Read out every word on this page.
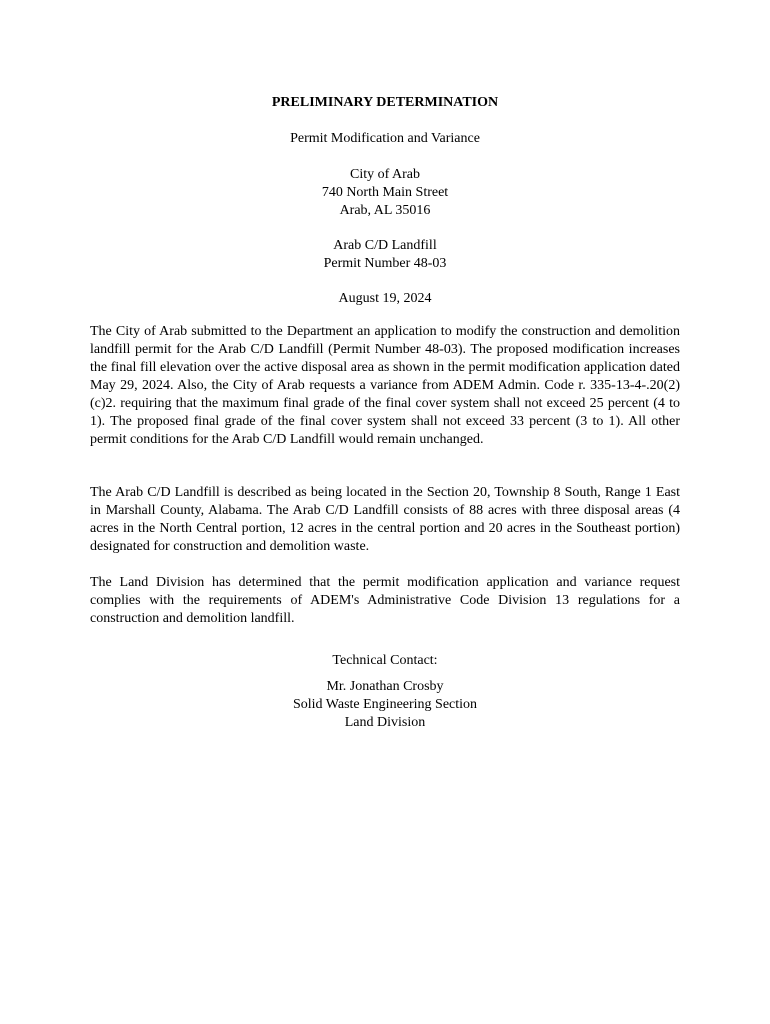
PRELIMINARY DETERMINATION
Permit Modification and Variance
City of Arab
740 North Main Street
Arab, AL 35016
Arab C/D Landfill
Permit Number 48-03
August 19, 2024

The City of Arab submitted to the Department an application to modify the construction and demolition landfill permit for the Arab C/D Landfill (Permit Number 48-03). The proposed modification increases the final fill elevation over the active disposal area as shown in the permit modification application dated May 29, 2024. Also, the City of Arab requests a variance from ADEM Admin. Code r. 335-13-4-.20(2)(c)2. requiring that the maximum final grade of the final cover system shall not exceed 25 percent (4 to 1). The proposed final grade of the final cover system shall not exceed 33 percent (3 to 1). All other permit conditions for the Arab C/D Landfill would remain unchanged.

The Arab C/D Landfill is described as being located in the Section 20, Township 8 South, Range 1 East in Marshall County, Alabama. The Arab C/D Landfill consists of 88 acres with three disposal areas (4 acres in the North Central portion, 12 acres in the central portion and 20 acres in the Southeast portion) designated for construction and demolition waste.

The Land Division has determined that the permit modification application and variance request complies with the requirements of ADEM's Administrative Code Division 13 regulations for a construction and demolition landfill.

Technical Contact:
Mr. Jonathan Crosby
Solid Waste Engineering Section
Land Division
